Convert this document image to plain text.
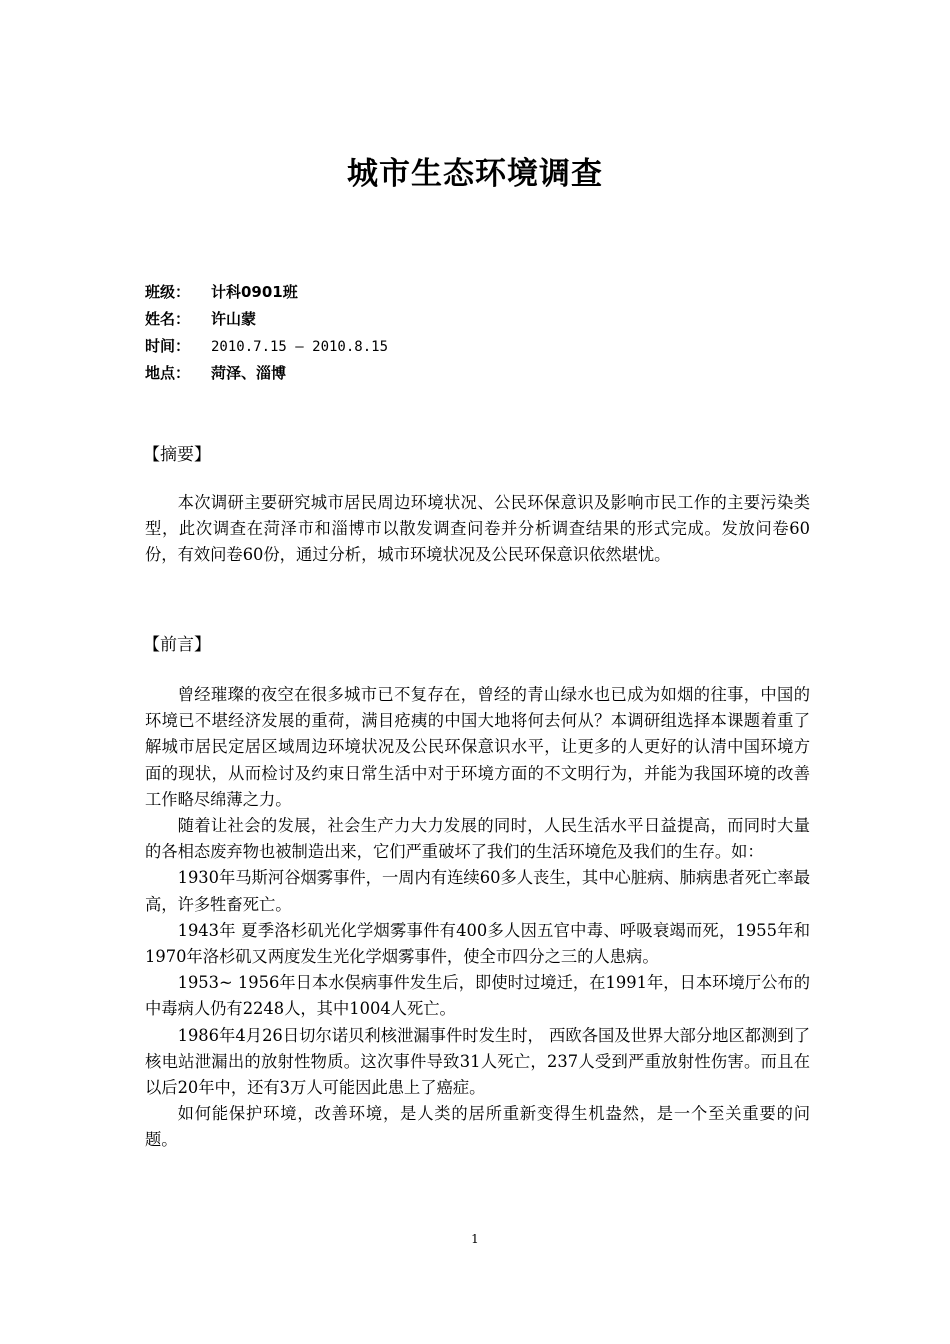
城市生态环境调查
班级： 计科0901班
姓名： 许山蒙
时间： 2010.7.15 – 2010.8.15
地点： 菏泽、淄博
【摘要】

本次调研主要研究城市居民周边环境状况、公民环保意识及影响市民工作的主要污染类型，此次调查在菏泽市和淄博市以散发调查问卷并分析调查结果的形式完成。发放问卷60份，有效问卷60份，通过分析，城市环境状况及公民环保意识依然堪忧。

【前言】

曾经璀璨的夜空在很多城市已不复存在，曾经的青山绿水也已成为如烟的往事，中国的环境已不堪经济发展的重荷，满目疮痍的中国大地将何去何从？本调研组选择本课题着重了解城市居民定居区域周边环境状况及公民环保意识水平，让更多的人更好的认清中国环境方面的现状，从而检讨及约束日常生活中对于环境方面的不文明行为，并能为我国环境的改善工作略尽绵薄之力。

随着让社会的发展，社会生产力大力发展的同时，人民生活水平日益提高，而同时大量的各相态废弃物也被制造出来，它们严重破坏了我们的生活环境危及我们的生存。如：

1930年马斯河谷烟雾事件，一周内有连续60多人丧生，其中心脏病、肺病患者死亡率最高，许多牲畜死亡。

1943年 夏季洛杉矶光化学烟雾事件有400多人因五官中毒、呼吸衰竭而死，1955年和1970年洛杉矶又两度发生光化学烟雾事件，使全市四分之三的人患病。

1953~ 1956年日本水俣病事件发生后，即使时过境迁，在1991年，日本环境厅公布的中毒病人仍有2248人，其中1004人死亡。

1986年4月26日切尔诺贝利核泄漏事件时发生时， 西欧各国及世界大部分地区都测到了核电站泄漏出的放射性物质。这次事件导致31人死亡，237人受到严重放射性伤害。而且在以后20年中，还有3万人可能因此患上了癌症。

如何能保护环境，改善环境，是人类的居所重新变得生机盎然，是一个至关重要的问题。

1
